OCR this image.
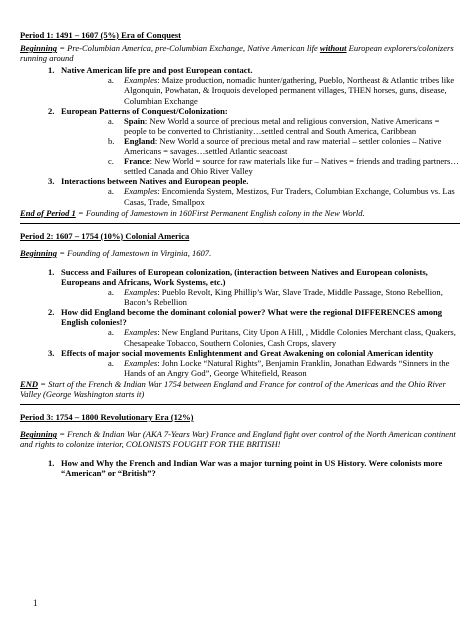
Period 1: 1491 – 1607 (5%) Era of Conquest

Beginning = Pre-Columbian America, pre-Columbian Exchange, Native American life without European explorers/colonizers running around

1. Native American life pre and post European contact.
a. Examples: Maize production, nomadic hunter/gathering, Pueblo, Northeast & Atlantic tribes like Algonquin, Powhatan, & Iroquois developed permanent villages, THEN horses, guns, disease, Columbian Exchange
2. European Patterns of Conquest/Colonization:
a. Spain: New World a source of precious metal and religious conversion, Native Americans = people to be converted to Christianity…settled central and South America, Caribbean
b. England: New World a source of precious metal and raw material – settler colonies – Native Americans = savages…settled Atlantic seacoast
c. France: New World = source for raw materials like fur – Natives = friends and trading partners…settled Canada and Ohio River Valley
3. Interactions between Natives and European people.
a. Examples: Encomienda System, Mestizos, Fur Traders, Columbian Exchange, Columbus vs. Las Casas, Trade, Smallpox

End of Period 1 = Founding of Jamestown in 160First Permanent English colony in the New World.

Period 2: 1607 – 1754 (10%) Colonial America

Beginning = Founding of Jamestown in Virginia, 1607.

1. Success and Failures of European colonization, (interaction between Natives and European colonists, Europeans and Africans, Work Systems, etc.)
a. Examples: Pueblo Revolt, King Phillip’s War, Slave Trade, Middle Passage, Stono Rebellion, Bacon’s Rebellion
2. How did England become the dominant colonial power? What were the regional DIFFERENCES among English colonies!?
a. Examples: New England Puritans, City Upon A Hill, , Middle Colonies Merchant class, Quakers, Chesapeake Tobacco, Southern Colonies, Cash Crops, slavery
3. Effects of major social movements Enlightenment and Great Awakening on colonial American identity
a. Examples: John Locke “Natural Rights”, Benjamin Franklin, Jonathan Edwards “Sinners in the Hands of an Angry God”, George Whitefield, Reason

END = Start of the French & Indian War 1754 between England and France for control of the Americas and the Ohio River Valley (George Washington starts it)

Period 3: 1754 – 1800 Revolutionary Era (12%)

Beginning = French & Indian War (AKA 7-Years War) France and England fight over control of the North American continent and rights to colonize interior, COLONISTS FOUGHT FOR THE BRITISH!

1. How and Why the French and Indian War was a major turning point in US History. Were colonists more “American” or “British”?
1
